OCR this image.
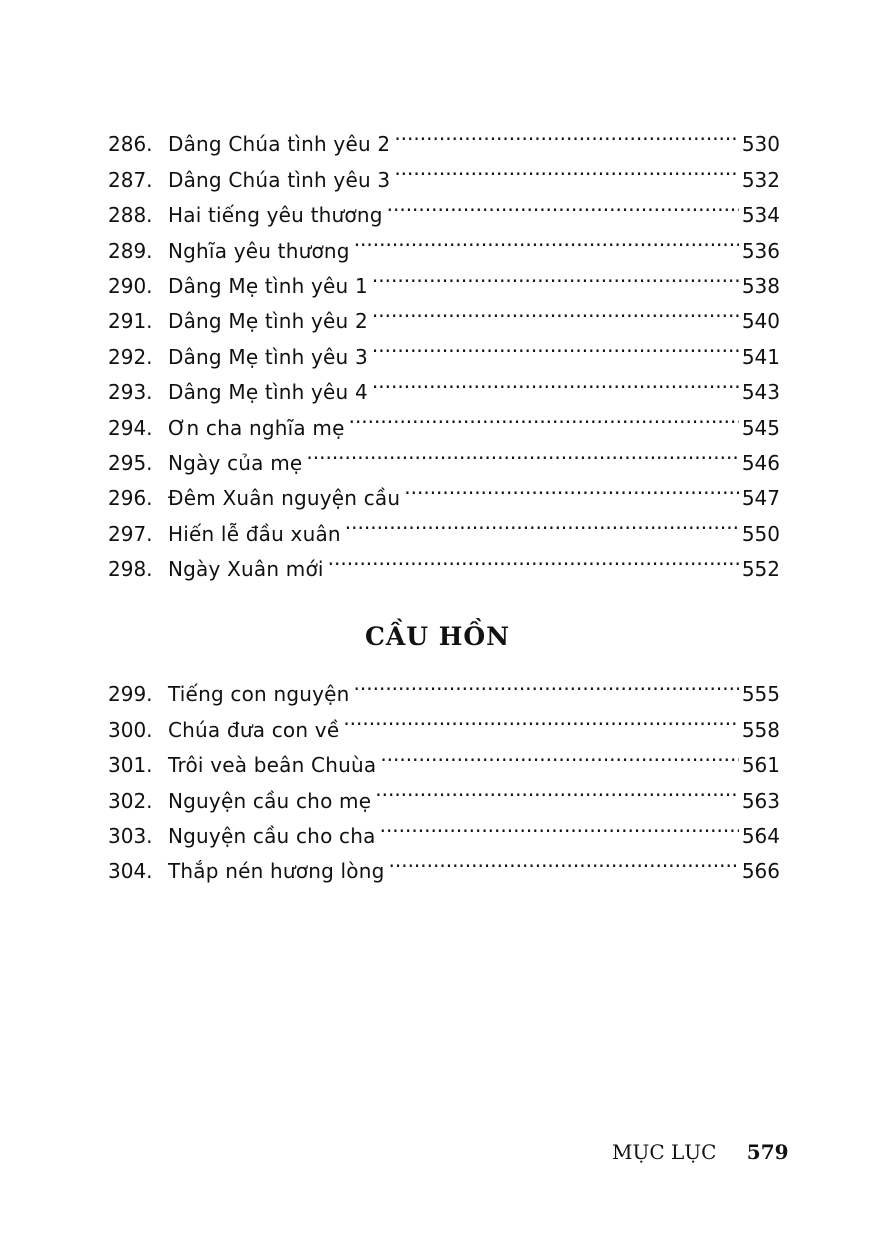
286. Dâng Chúa tình yêu 2 .....	530
287. Dâng Chúa tình yêu 3 .....	532
288. Hai tiếng yêu thương .....	534
289. Nghĩa yêu thương .....	536
290. Dâng Mẹ tình yêu 1 .....	538
291. Dâng Mẹ tình yêu 2 .....	540
292. Dâng Mẹ tình yêu 3 .....	541
293. Dâng Mẹ tình yêu 4 .....	543
294. Ơn cha nghĩa mẹ .....	545
295. Ngày của mẹ .....	546
296. Đêm Xuân nguyện cầu .....	547
297. Hiến lễ đầu xuân .....	550
298. Ngày Xuân mới .....	552
CẦU HỒN
299. Tiếng con nguyện .....	555
300. Chúa đưa con về .....	558
301. Trôi veà beân Chuùa .....	561
302. Nguyện cầu cho mẹ .....	563
303. Nguyện cầu cho cha .....	564
304. Thắp nén hương lòng .....	566
MỤC LỤC 579
